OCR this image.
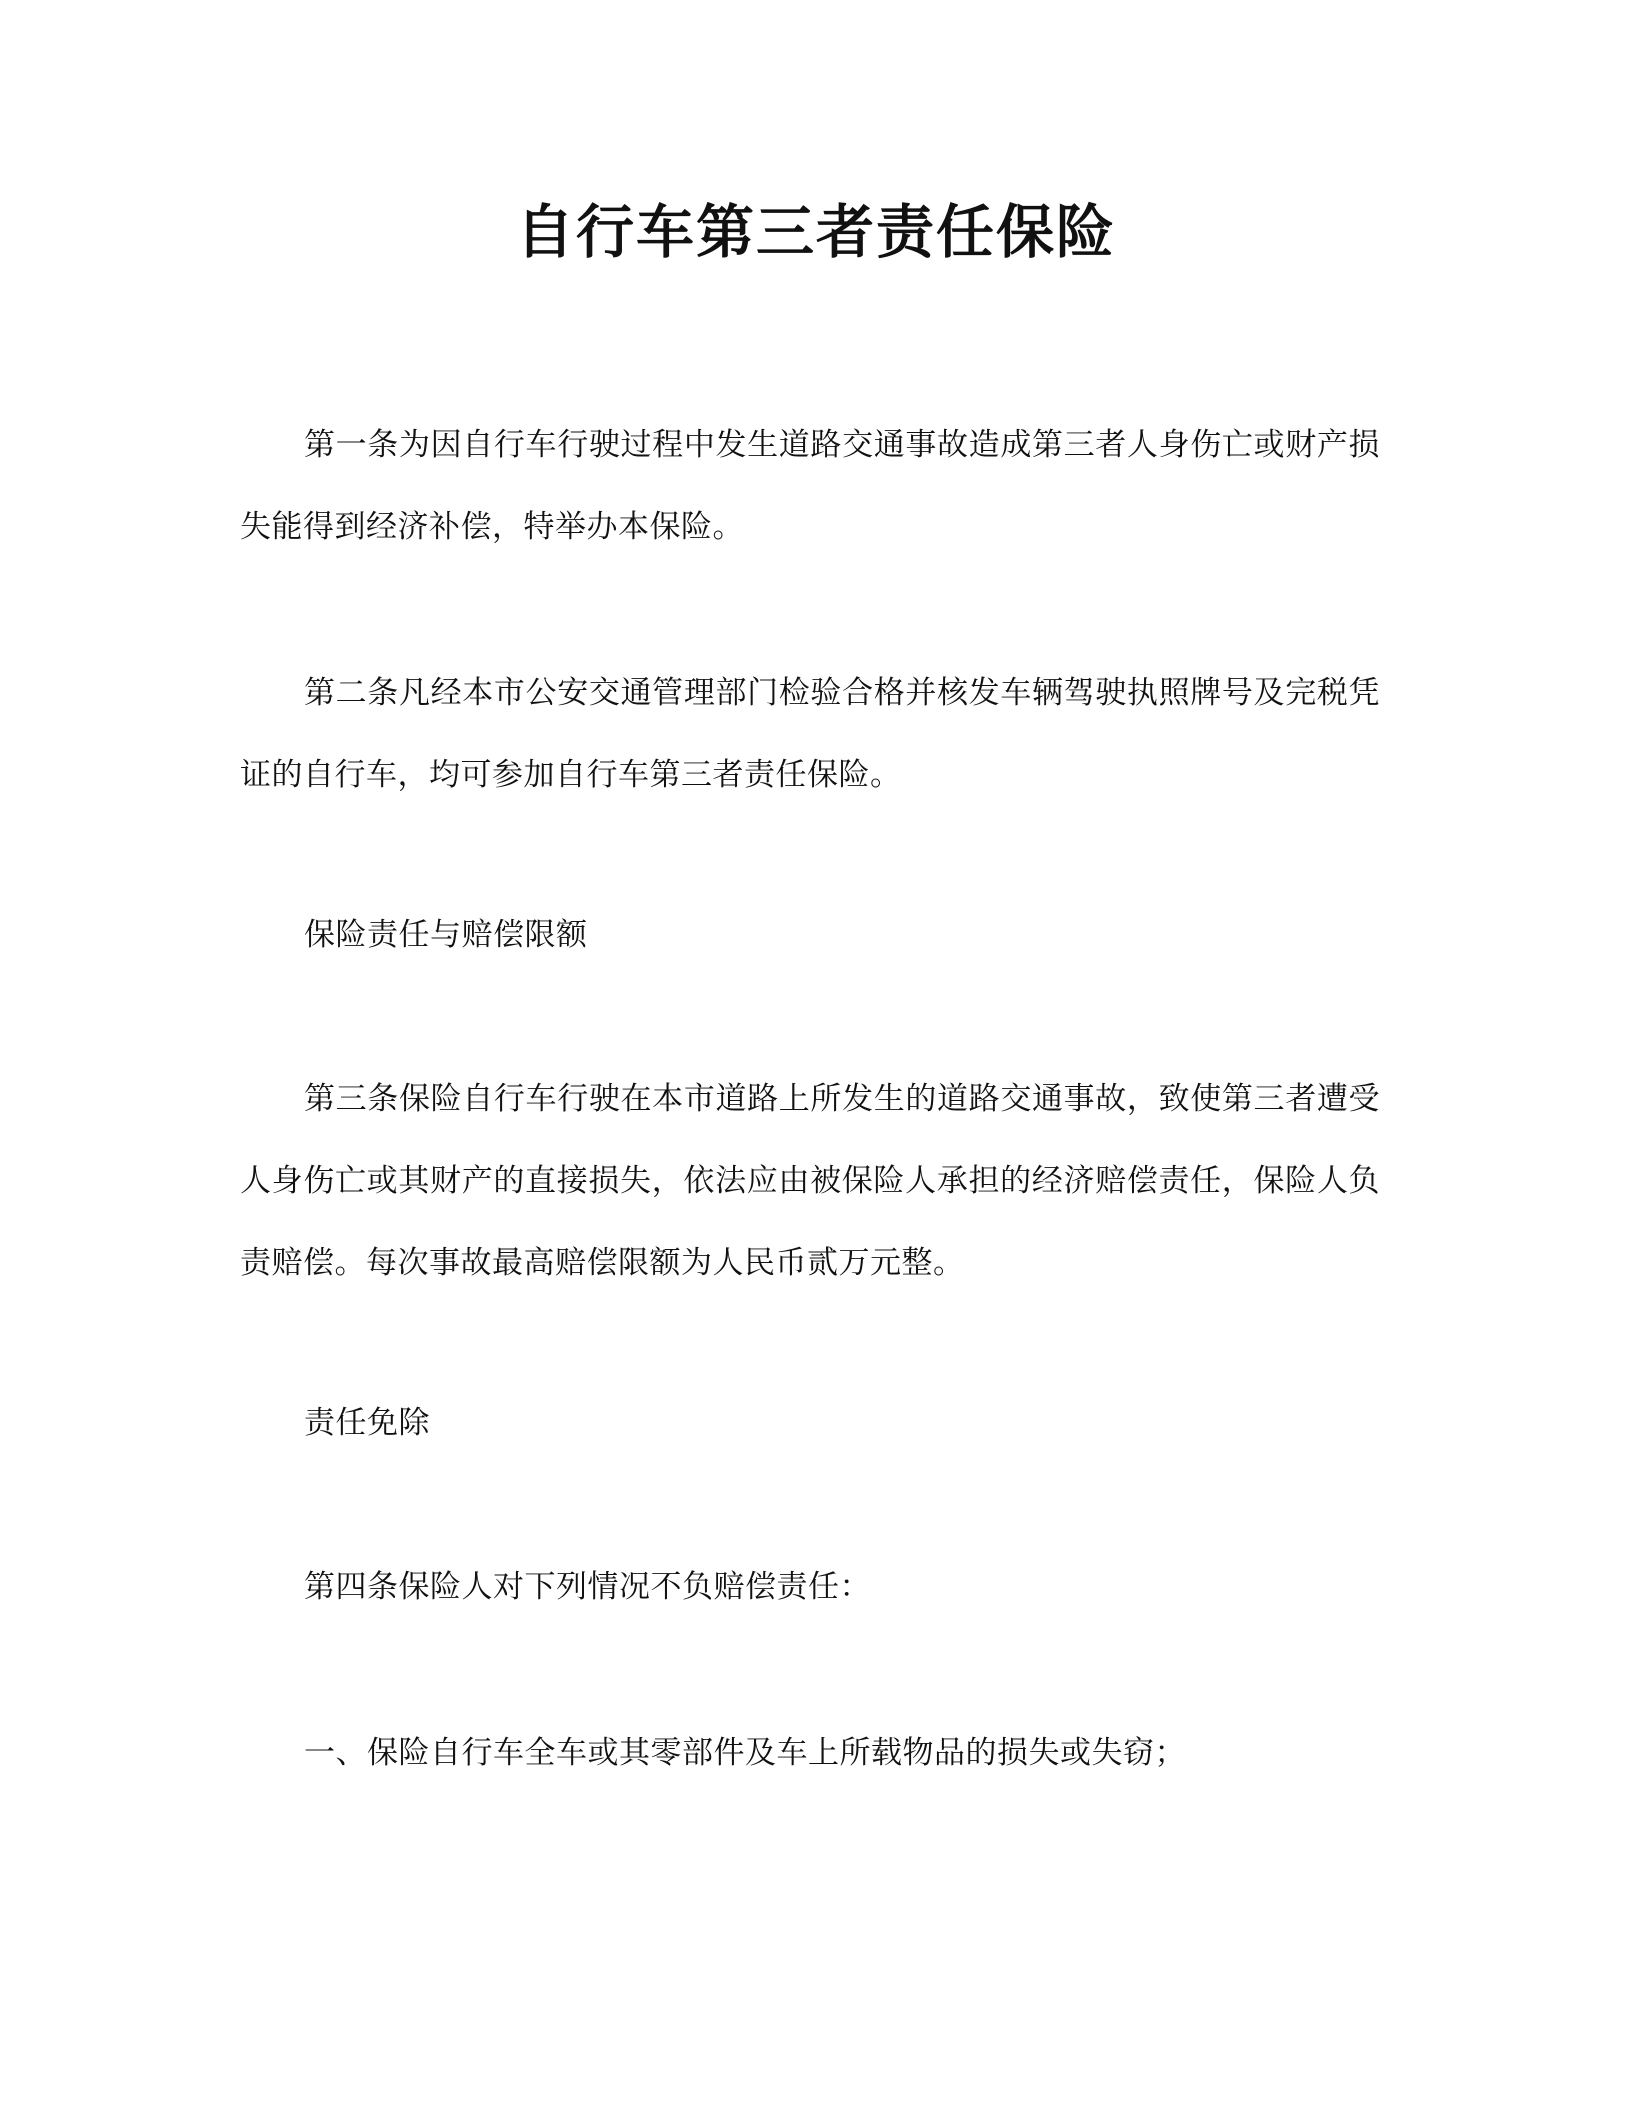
自行车第三者责任保险

第一条为因自行车行驶过程中发生道路交通事故造成第三者人身伤亡或财产损失能得到经济补偿，特举办本保险。

第二条凡经本市公安交通管理部门检验合格并核发车辆驾驶执照牌号及完税凭证的自行车，均可参加自行车第三者责任保险。

保险责任与赔偿限额

第三条保险自行车行驶在本市道路上所发生的道路交通事故，致使第三者遭受人身伤亡或其财产的直接损失，依法应由被保险人承担的经济赔偿责任，保险人负责赔偿。每次事故最高赔偿限额为人民币贰万元整。

责任免除

第四条保险人对下列情况不负赔偿责任：

一、保险自行车全车或其零部件及车上所载物品的损失或失窃；
